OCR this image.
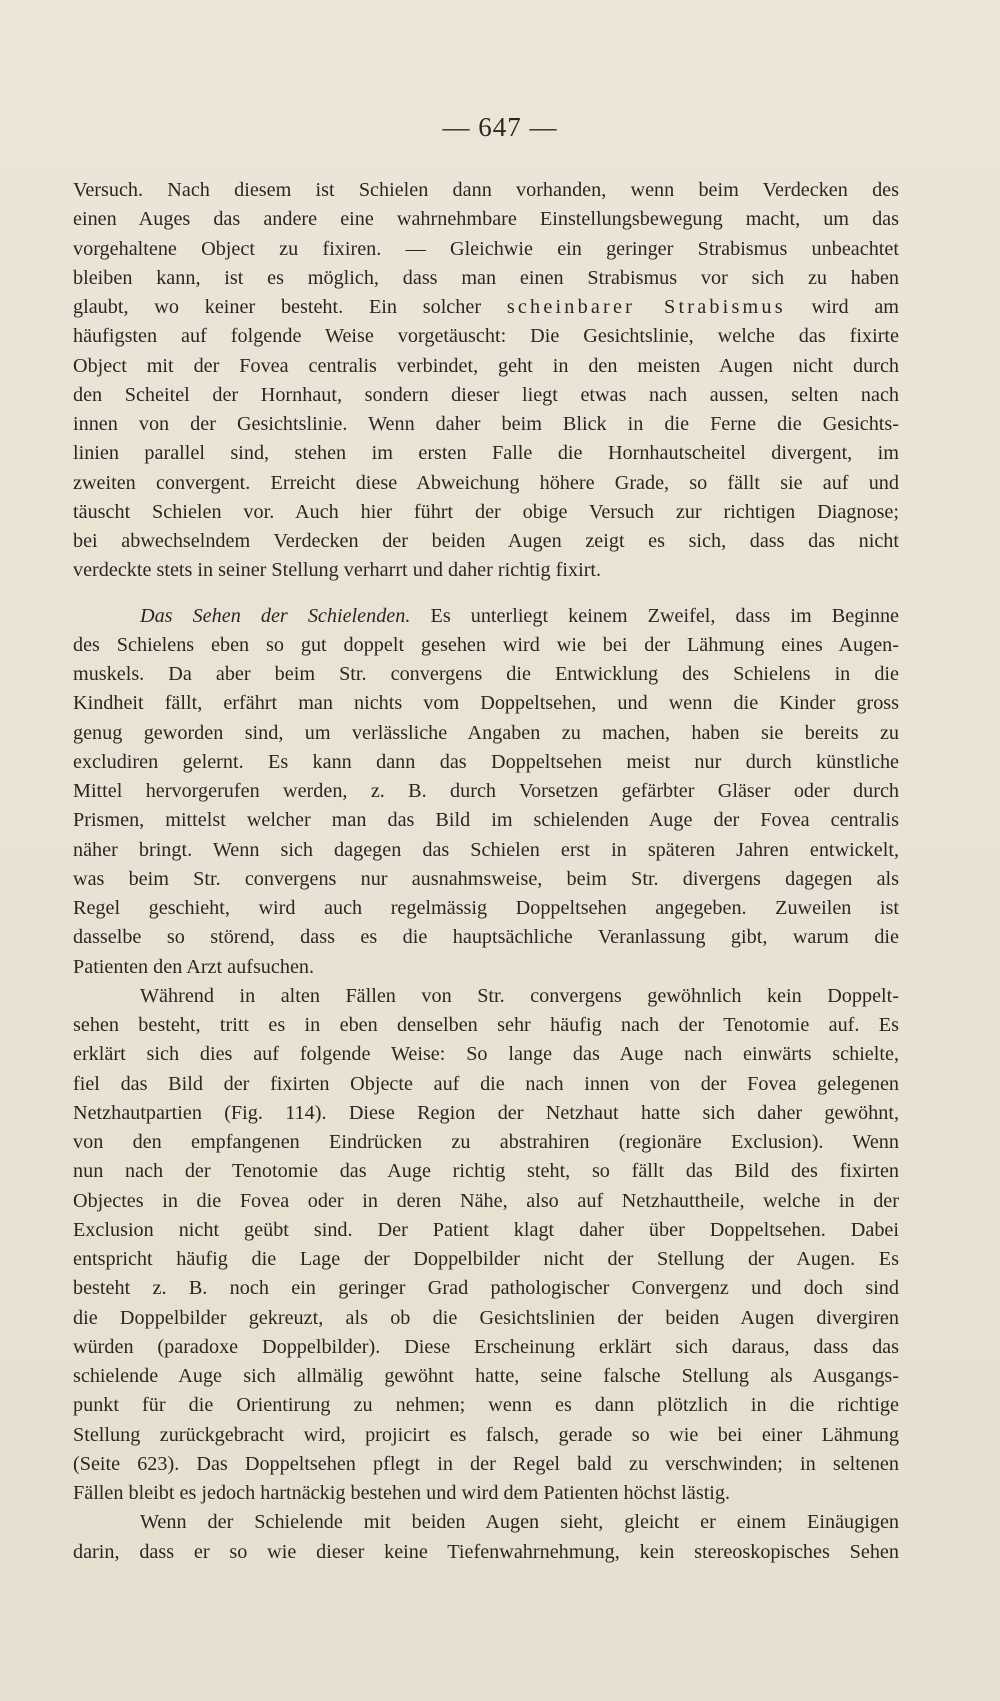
— 647 —
Versuch. Nach diesem ist Schielen dann vorhanden, wenn beim Verdecken des
einen Auges das andere eine wahrnehmbare Einstellungsbewegung macht, um das
vorgehaltene Object zu fixiren. — Gleichwie ein geringer Strabismus unbeachtet
bleiben kann, ist es möglich, dass man einen Strabismus vor sich zu haben
glaubt, wo keiner besteht. Ein solcher scheinbarer Strabismus wird am
häufigsten auf folgende Weise vorgetäuscht: Die Gesichtslinie, welche das fixirte
Object mit der Fovea centralis verbindet, geht in den meisten Augen nicht durch
den Scheitel der Hornhaut, sondern dieser liegt etwas nach aussen, selten nach
innen von der Gesichtslinie. Wenn daher beim Blick in die Ferne die Gesichts-
linien parallel sind, stehen im ersten Falle die Hornhautscheitel divergent, im
zweiten convergent. Erreicht diese Abweichung höhere Grade, so fällt sie auf und
täuscht Schielen vor. Auch hier führt der obige Versuch zur richtigen Diagnose;
bei abwechselndem Verdecken der beiden Augen zeigt es sich, dass das nicht
verdeckte stets in seiner Stellung verharrt und daher richtig fixirt.
Das Sehen der Schielenden. Es unterliegt keinem Zweifel, dass im Beginne
des Schielens eben so gut doppelt gesehen wird wie bei der Lähmung eines Augen-
muskels. Da aber beim Str. convergens die Entwicklung des Schielens in die
Kindheit fällt, erfährt man nichts vom Doppeltsehen, und wenn die Kinder gross
genug geworden sind, um verlässliche Angaben zu machen, haben sie bereits zu
excludiren gelernt. Es kann dann das Doppeltsehen meist nur durch künstliche
Mittel hervorgerufen werden, z. B. durch Vorsetzen gefärbter Gläser oder durch
Prismen, mittelst welcher man das Bild im schielenden Auge der Fovea centralis
näher bringt. Wenn sich dagegen das Schielen erst in späteren Jahren entwickelt,
was beim Str. convergens nur ausnahmsweise, beim Str. divergens dagegen als
Regel geschieht, wird auch regelmässig Doppeltsehen angegeben. Zuweilen ist
dasselbe so störend, dass es die hauptsächliche Veranlassung gibt, warum die
Patienten den Arzt aufsuchen.
Während in alten Fällen von Str. convergens gewöhnlich kein Doppelt-
sehen besteht, tritt es in eben denselben sehr häufig nach der Tenotomie auf. Es
erklärt sich dies auf folgende Weise: So lange das Auge nach einwärts schielte,
fiel das Bild der fixirten Objecte auf die nach innen von der Fovea gelegenen
Netzhautpartien (Fig. 114). Diese Region der Netzhaut hatte sich daher gewöhnt,
von den empfangenen Eindrücken zu abstrahiren (regionäre Exclusion). Wenn
nun nach der Tenotomie das Auge richtig steht, so fällt das Bild des fixirten
Objectes in die Fovea oder in deren Nähe, also auf Netzhauttheile, welche in der
Exclusion nicht geübt sind. Der Patient klagt daher über Doppeltsehen. Dabei
entspricht häufig die Lage der Doppelbilder nicht der Stellung der Augen. Es
besteht z. B. noch ein geringer Grad pathologischer Convergenz und doch sind
die Doppelbilder gekreuzt, als ob die Gesichtslinien der beiden Augen divergiren
würden (paradoxe Doppelbilder). Diese Erscheinung erklärt sich daraus, dass das
schielende Auge sich allmälig gewöhnt hatte, seine falsche Stellung als Ausgangs-
punkt für die Orientirung zu nehmen; wenn es dann plötzlich in die richtige
Stellung zurückgebracht wird, projicirt es falsch, gerade so wie bei einer Lähmung
(Seite 623). Das Doppeltsehen pflegt in der Regel bald zu verschwinden; in seltenen
Fällen bleibt es jedoch hartnäckig bestehen und wird dem Patienten höchst lästig.
Wenn der Schielende mit beiden Augen sieht, gleicht er einem Einäugigen
darin, dass er so wie dieser keine Tiefenwahrnehmung, kein stereoskopisches Sehen
